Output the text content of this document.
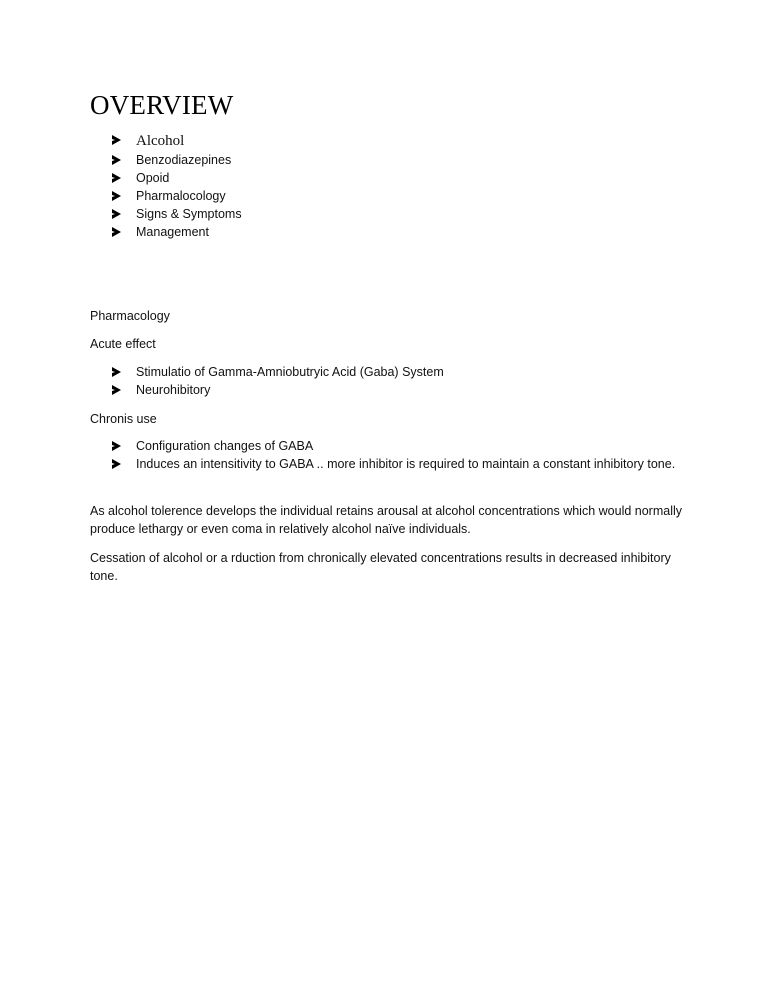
OVERVIEW
Alcohol
Benzodiazepines
Opoid
Pharmalocology
Signs & Symptoms
Management

Pharmacology

Acute effect

Stimulatio of Gamma-Amniobutryic Acid (Gaba) System
Neurohibitory

Chronis use

Configuration changes of GABA
Induces an intensitivity to GABA .. more inhibitor is required to maintain a constant inhibitory tone.

As alcohol tolerence develops the individual retains arousal at alcohol concentrations which would normally produce lethargy or even coma in relatively alcohol naïve individuals.

Cessation of alcohol or a rduction from chronically elevated concentrations results in decreased inhibitory tone.
